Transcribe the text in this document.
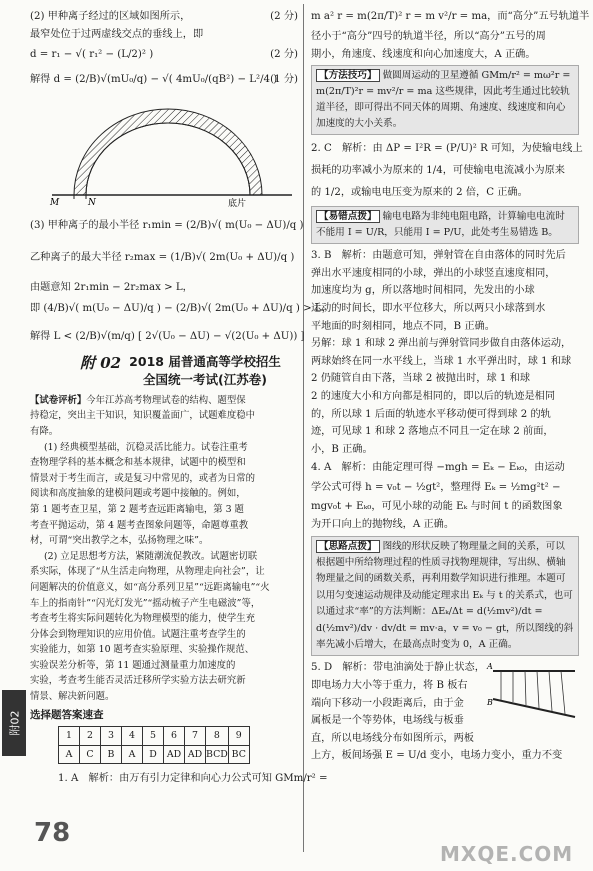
附02
78
(2) 甲种离子经过的区域如图所示，	(2 分)
最窄处位于过两虚线交点的垂线上，即
d = r₁ − √( r₁² − (L/2)² )	(2 分)
解得 d = (2/B)√(mU₀/q) − √( 4mU₀/(qB²) − L²/4 )
(1 分)
M	N	底片
(3) 甲种离子的最小半径 r₁min = (2/B)√( m(U₀ − ΔU)/q )
乙种离子的最大半径 r₂max = (1/B)√( 2m(U₀ + ΔU)/q )
由题意知 2r₁min − 2r₂max > L，
即 (4/B)√( m(U₀ − ΔU)/q ) − (2/B)√( 2m(U₀ + ΔU)/q ) > L，
解得 L < (2/B)√(m/q) [ 2√(U₀ − ΔU) − √(2(U₀ + ΔU)) ]
附 02 2018 届普通高等学校招生
全国统一考试(江苏卷)
【试卷评析】今年江苏高考物理试卷的结构、题型保
持稳定，突出主干知识，知识覆盖面广，试题难度稳中
有降。
(1) 经典模型基础，沉稳灵活比能力。试卷注重考
查物理学科的基本概念和基本规律，试题中的模型和
情景对于考生而言，或是复习中常见的，或者为日常的
阅读和高度抽象的建模问题或考题中接触的。例如，
第 1 题考查卫星，第 2 题考查远距离输电，第 3 题
考查平抛运动，第 4 题考查图象问题等，命题尊重教
材，可谓“突出教学之本，弘扬物理之味”。
(2) 立足思想考方法，紧随潮流促教改。试题密切联
系实际，体现了“从生活走向物理，从物理走向社会”，让
问题解决的价值意义，如“高分系列卫星”“远距离输电”“火
车上的指南针”“闪光灯发光”“摇动梳子产生电磁波”等，
考查考生将实际问题转化为物理模型的能力，使学生充
分体会到物理知识的应用价值。试题注重考查学生的
实验能力，如第 10 题考查实验原理、实验操作规范、
实验误差分析等，第 11 题通过测量重力加速度的
实验，考查考生能否灵活迁移所学实验方法去研究新
情景、解决新问题。
选择题答案速查
1	2	3	4	5	6	7	8	9
A	C	B	A	D	AD	AD	BCD	BC
1. A　解析：由万有引力定律和向心力公式可知 GMm/r² =
m a² r = m(2π/T)² r = m v²/r = ma，而“高分”五号轨道半
径小于“高分”四号的轨道半径，所以“高分”五号的周
期小，角速度、线速度和向心加速度大，A 正确。
【方法技巧】 做圆周运动的卫星遵循 GMm/r² = mω²r = m(2π/T)²r = mv²/r = ma 这些规律，因此考生通过比较轨道半径，即可得出不同天体的周期、角速度、线速度和向心加速度的大小关系。
2. C　解析：由 ΔP = I²R = (P/U)² R 可知，为使输电线上
损耗的功率减小为原来的 1/4，可使输电电流减小为原来
的 1/2，或输电电压变为原来的 2 倍，C 正确。
【易错点拨】 输电电路为非纯电阻电路，计算输电电流时不能用 I = U/R，只能用 I = P/U，此处考生易错选 B。
3. B　解析：由题意可知，弹射管在自由落体的同时先后
弹出水平速度相同的小球，弹出的小球竖直速度相同，
加速度均为 g，所以落地时间相同，先发出的小球
运动的时间长，即水平位移大，所以两只小球落到水
平地面的时刻相同，地点不同，B 正确。
另解：球 1 和球 2 弹出前与弹射管同步做自由落体运动，
两球始终在同一水平线上，当球 1 水平弹出时，球 1 和球
2 仍随管自由下落，当球 2 被抛出时，球 1 和球
2 的速度大小和方向都是相同的，即以后的轨迹是相同
的，所以球 1 后面的轨迹水平移动便可得到球 2 的轨
迹，可见球 1 和球 2 落地点不同且一定在球 2 前面，
小，B 正确。
4. A　解析：由能定理可得 −mgh = Eₖ − Eₖ₀，由运动
学公式可得 h = v₀t − ½gt²，整理得 Eₖ = ½mg²t² −
mgv₀t + Eₖ₀，可见小球的动能 Eₖ 与时间 t 的函数图象
为开口向上的抛物线，A 正确。
【思路点拨】 图线的形状反映了物理量之间的关系，可以根据题中所给物理过程的性质寻找物理规律，写出纵、横轴物理量之间的函数关系，再利用数学知识进行推理。本题可以用匀变速运动规律及动能定理求出 Eₖ 与 t 的关系式，也可以通过求“率”的方法判断：ΔEₖ/Δt = d(½mv²)/dt = d(½mv²)/dv · dv/dt = mv·a，v = v₀ − gt，所以图线的斜率先减小后增大，在最高点时变为 0，A 正确。
5. D　解析：带电油滴处于静止状态，
即电场力大小等于重力，将 B 板右
端向下移动一小段距离后，由于金
属板是一个等势体，电场线与板垂
直，所以电场线分布如图所示，两板
上方，板间场强 E = U/d 变小，电场力变小，重力不变
A
B
MXQE.COM
